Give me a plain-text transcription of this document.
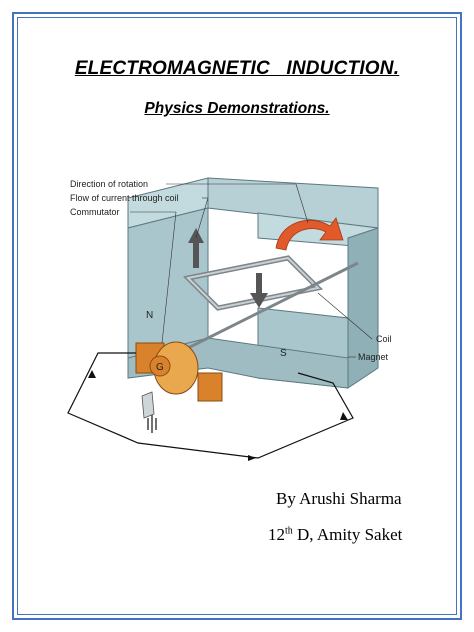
ELECTROMAGNETIC   INDUCTION.
Physics Demonstrations.
G
N
S
Direction of rotation
Flow of current through coil
Commutator
Coil
Magnet
By Arushi Sharma
12th D, Amity Saket
